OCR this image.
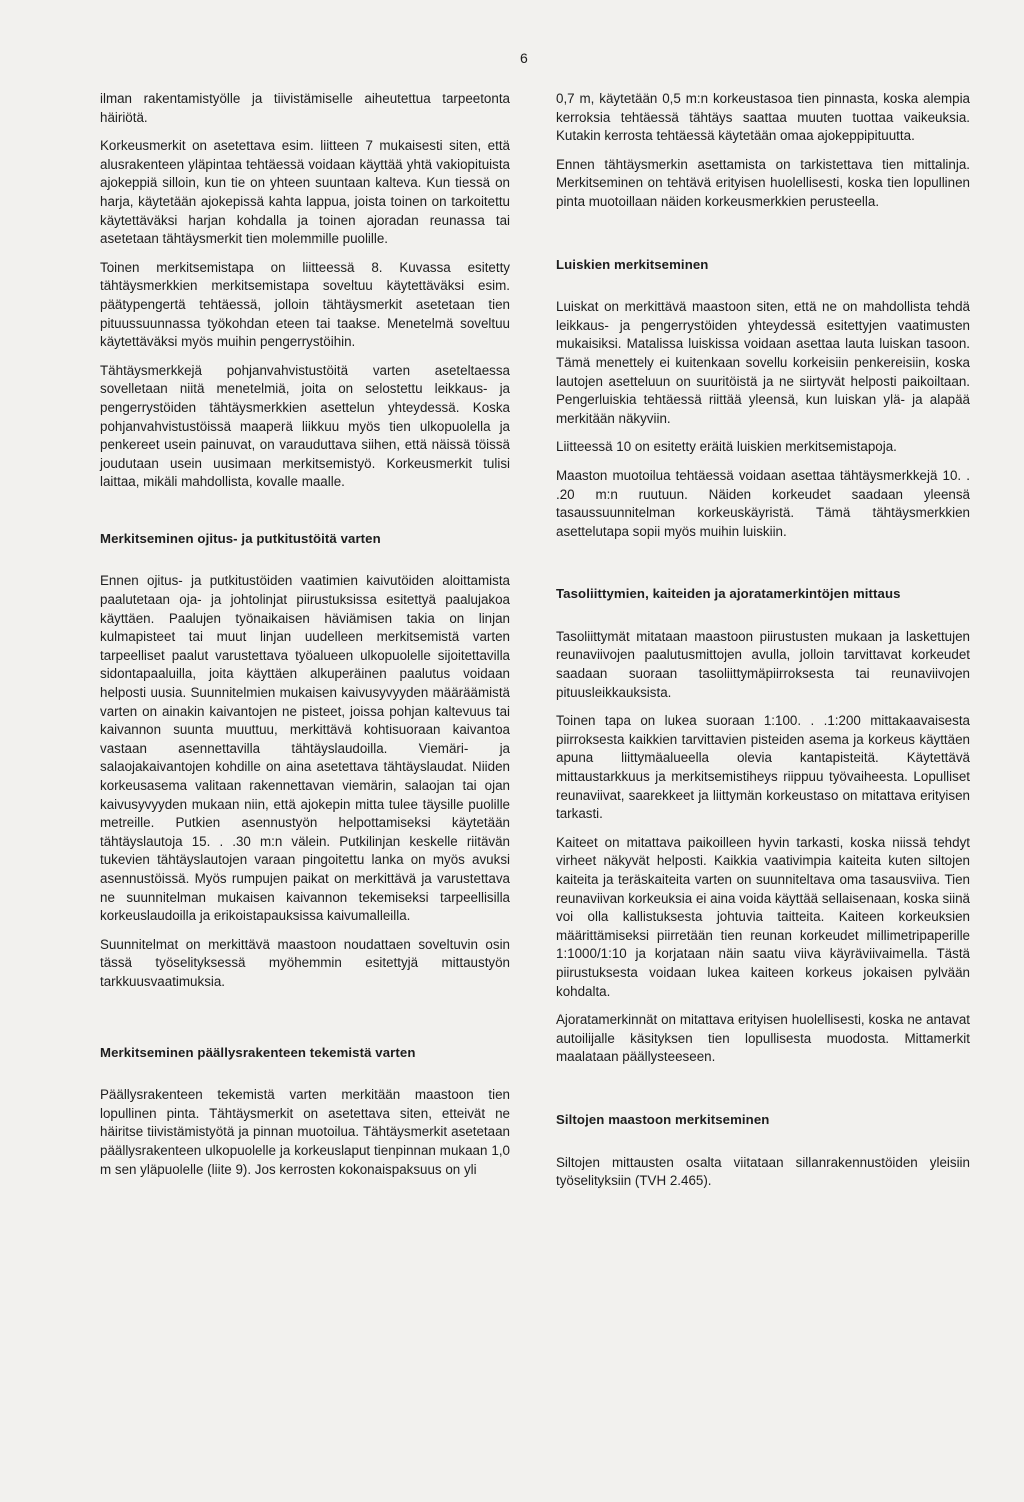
6

ilman rakentamistyölle ja tiivistämiselle aiheutettua tarpeetonta häiriötä.

Korkeusmerkit on asetettava esim. liitteen 7 mukaisesti siten, että alusrakenteen yläpintaa tehtäessä voidaan käyttää yhtä vakiopituista ajokeppiä silloin, kun tie on yhteen suuntaan kalteva. Kun tiessä on harja, käytetään ajokepissä kahta lappua, joista toinen on tarkoitettu käytettäväksi harjan kohdalla ja toinen ajoradan reunassa tai asetetaan tähtäysmerkit tien molemmille puolille.

Toinen merkitsemistapa on liitteessä 8. Kuvassa esitetty tähtäysmerkkien merkitsemistapa soveltuu käytettäväksi esim. päätypengertä tehtäessä, jolloin tähtäysmerkit asetetaan tien pituussuunnassa työkohdan eteen tai taakse. Menetelmä soveltuu käytettäväksi myös muihin pengerrystöihin.

Tähtäysmerkkejä pohjanvahvistustöitä varten aseteltaessa sovelletaan niitä menetelmiä, joita on selostettu leikkaus- ja pengerrystöiden tähtäysmerkkien asettelun yhteydessä. Koska pohjanvahvistustöissä maaperä liikkuu myös tien ulkopuolella ja penkereet usein painuvat, on varauduttava siihen, että näissä töissä joudutaan usein uusimaan merkitsemistyö. Korkeusmerkit tulisi laittaa, mikäli mahdollista, kovalle maalle.

Merkitseminen ojitus- ja putkitustöitä varten

Ennen ojitus- ja putkitustöiden vaatimien kaivutöiden aloittamista paalutetaan oja- ja johtolinjat piirustuksissa esitettyä paalujakoa käyttäen. Paalujen työnaikaisen häviämisen takia on linjan kulmapisteet tai muut linjan uudelleen merkitsemistä varten tarpeelliset paalut varustettava työalueen ulkopuolelle sijoitettavilla sidontapaaluilla, joita käyttäen alkuperäinen paalutus voidaan helposti uusia. Suunnitelmien mukaisen kaivusyvyyden määräämistä varten on ainakin kaivantojen ne pisteet, joissa pohjan kaltevuus tai kaivannon suunta muuttuu, merkittävä kohtisuoraan kaivantoa vastaan asennettavilla tähtäyslaudoilla. Viemäri- ja salaojakaivantojen kohdille on aina asetettava tähtäyslaudat. Niiden korkeusasema valitaan rakennettavan viemärin, salaojan tai ojan kaivusyvyyden mukaan niin, että ajokepin mitta tulee täysille puolille metreille. Putkien asennustyön helpottamiseksi käytetään tähtäyslautoja 15. . .30 m:n välein. Putkilinjan keskelle riitävän tukevien tähtäyslautojen varaan pingoitettu lanka on myös avuksi asennustöissä. Myös rumpujen paikat on merkittävä ja varustettava ne suunnitelman mukaisen kaivannon tekemiseksi tarpeellisilla korkeuslaudoilla ja erikoistapauksissa kaivumalleilla.

Suunnitelmat on merkittävä maastoon noudattaen soveltuvin osin tässä työselityksessä myöhemmin esitettyjä mittaustyön tarkkuusvaatimuksia.

Merkitseminen päällysrakenteen tekemistä varten

Päällysrakenteen tekemistä varten merkitään maastoon tien lopullinen pinta. Tähtäysmerkit on asetettava siten, etteivät ne häiritse tiivistämistyötä ja pinnan muotoilua. Tähtäysmerkit asetetaan päällysrakenteen ulkopuolelle ja korkeuslaput tienpinnan mukaan 1,0 m sen yläpuolelle (liite 9). Jos kerrosten kokonaispaksuus on yli

0,7 m, käytetään 0,5 m:n korkeustasoa tien pinnasta, koska alempia kerroksia tehtäessä tähtäys saattaa muuten tuottaa vaikeuksia. Kutakin kerrosta tehtäessä käytetään omaa ajokeppipituutta.

Ennen tähtäysmerkin asettamista on tarkistettava tien mittalinja. Merkitseminen on tehtävä erityisen huolellisesti, koska tien lopullinen pinta muotoillaan näiden korkeusmerkkien perusteella.

Luiskien merkitseminen

Luiskat on merkittävä maastoon siten, että ne on mahdollista tehdä leikkaus- ja pengerrystöiden yhteydessä esitettyjen vaatimusten mukaisiksi. Matalissa luiskissa voidaan asettaa lauta luiskan tasoon. Tämä menettely ei kuitenkaan sovellu korkeisiin penkereisiin, koska lautojen asetteluun on suuritöistä ja ne siirtyvät helposti paikoiltaan. Pengerluiskia tehtäessä riittää yleensä, kun luiskan ylä- ja alapää merkitään näkyviin.

Liitteessä 10 on esitetty eräitä luiskien merkitsemistapoja.

Maaston muotoilua tehtäessä voidaan asettaa tähtäysmerkkejä 10. . .20 m:n ruutuun. Näiden korkeudet saadaan yleensä tasaussuunnitelman korkeuskäyristä. Tämä tähtäysmerkkien asettelutapa sopii myös muihin luiskiin.

Tasoliittymien, kaiteiden ja ajoratamerkintöjen mittaus

Tasoliittymät mitataan maastoon piirustusten mukaan ja laskettujen reunaviivojen paalutusmittojen avulla, jolloin tarvittavat korkeudet saadaan suoraan tasoliittymäpiirroksesta tai reunaviivojen pituusleikkauksista.

Toinen tapa on lukea suoraan 1:100. . .1:200 mittakaavaisesta piirroksesta kaikkien tarvittavien pisteiden asema ja korkeus käyttäen apuna liittymäalueella olevia kantapisteitä. Käytettävä mittaustarkkuus ja merkitsemistiheys riippuu työvaiheesta. Lopulliset reunaviivat, saarekkeet ja liittymän korkeustaso on mitattava erityisen tarkasti.

Kaiteet on mitattava paikoilleen hyvin tarkasti, koska niissä tehdyt virheet näkyvät helposti. Kaikkia vaativimpia kaiteita kuten siltojen kaiteita ja teräskaiteita varten on suunniteltava oma tasausviiva. Tien reunaviivan korkeuksia ei aina voida käyttää sellaisenaan, koska siinä voi olla kallistuksesta johtuvia taitteita. Kaiteen korkeuksien määrittämiseksi piirretään tien reunan korkeudet millimetripaperille 1:1000/1:10 ja korjataan näin saatu viiva käyräviivaimella. Tästä piirustuksesta voidaan lukea kaiteen korkeus jokaisen pylvään kohdalta.

Ajoratamerkinnät on mitattava erityisen huolellisesti, koska ne antavat autoilijalle käsityksen tien lopullisesta muodosta. Mittamerkit maalataan päällysteeseen.

Siltojen maastoon merkitseminen

Siltojen mittausten osalta viitataan sillanrakennustöiden yleisiin työselityksiin (TVH 2.465).
